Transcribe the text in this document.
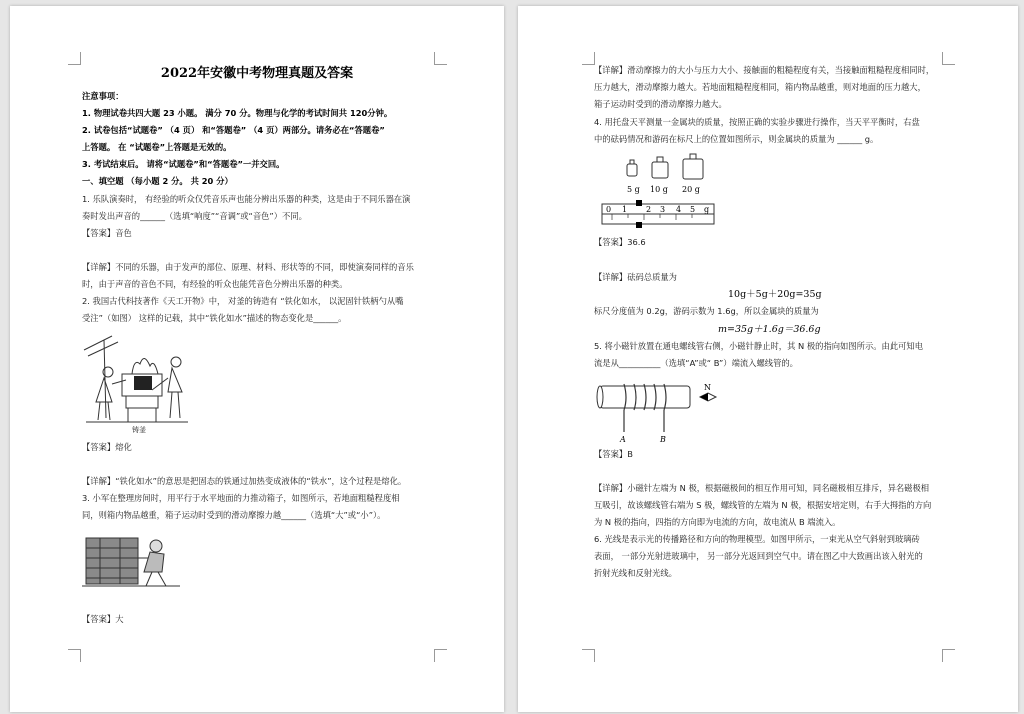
2022年安徽中考物理真题及答案
注意事项：
1. 物理试卷共四大题 23 小题。 满分 70 分。物理与化学的考试时间共 120分钟。
2. 试卷包括“试题卷” （4 页） 和“答题卷” （4 页）两部分。请务必在“答题卷”
上答题。 在 “试题卷”上答题是无效的。
3. 考试结束后。 请将“试题卷”和“答题卷”一并交回。
一、填空题 （每小题 2 分。 共 20 分）
1. 乐队演奏时， 有经验的听众仅凭音乐声也能分辨出乐器的种类，这是由于不同乐器在演
奏时发出声音的______（选填“响度”“音调”或“音色”）不同。
【答案】音色
【详解】不同的乐器，由于发声的部位、原理、材料、形状等的不同，即使演奏同样的音乐
时，由于声音的音色不同，有经验的听众也能凭音色分辨出乐器的种类。
2. 我国古代科技著作《天工开物》中， 对釜的铸造有 “铁化如水， 以泥固针铁柄勺从嘴
受注”（如图） 这样的记载，其中“铁化如水”描述的物态变化是______。
铸釜
【答案】熔化
【详解】“铁化如水”的意思是把固态的铁通过加热变成液体的“铁水”，这个过程是熔化。
3. 小军在整理房间时，用平行于水平地面的力推动箱子，如图所示，若地面粗糙程度相
同，则箱内物品越重，箱子运动时受到的滑动摩擦力越______（选填“大”或“小”）。
【答案】大
【详解】滑动摩擦力的大小与压力大小、接触面的粗糙程度有关，当接触面粗糙程度相同时，
压力越大，滑动摩擦力越大。若地面粗糙程度相同，箱内物品越重，则对地面的压力越大，
箱子运动时受到的滑动摩擦力越大。
4. 用托盘天平测量一金属块的质量，按照正确的实验步骤进行操作，当天平平衡时，右盘
中的砝码情况和游码在标尺上的位置如图所示，则金属块的质量为 ______ g。
5 g 10 g 20 g
0 1 2 3 4 5 g
【答案】36.6
【详解】砝码总质量为
10g＋5g＋20g=35g
标尺分度值为 0.2g，游码示数为 1.6g，所以金属块的质量为
m=35g＋1.6g＝36.6g
5. 将小磁针放置在通电螺线管右侧，小磁针静止时，其 N 极的指向如图所示。由此可知电
流是从__________（选填“A”或“ B”）端流入螺线管的。
A	B
N
【答案】B
【详解】小磁针左端为 N 极，根据磁极间的相互作用可知，同名磁极相互排斥，异名磁极相
互吸引，故该螺线管右端为 S 极，螺线管的左端为 N 极，根据安培定则，右手大拇指的方向
为 N 极的指向，四指的方向即为电流的方向，故电流从 B 端流入。
6. 光线是表示光的传播路径和方向的物理模型。如图甲所示，一束光从空气斜射到玻璃砖
表面， 一部分光射进玻璃中， 另一部分光返回到空气中。请在图乙中大致画出该入射光的
折射光线和反射光线。
